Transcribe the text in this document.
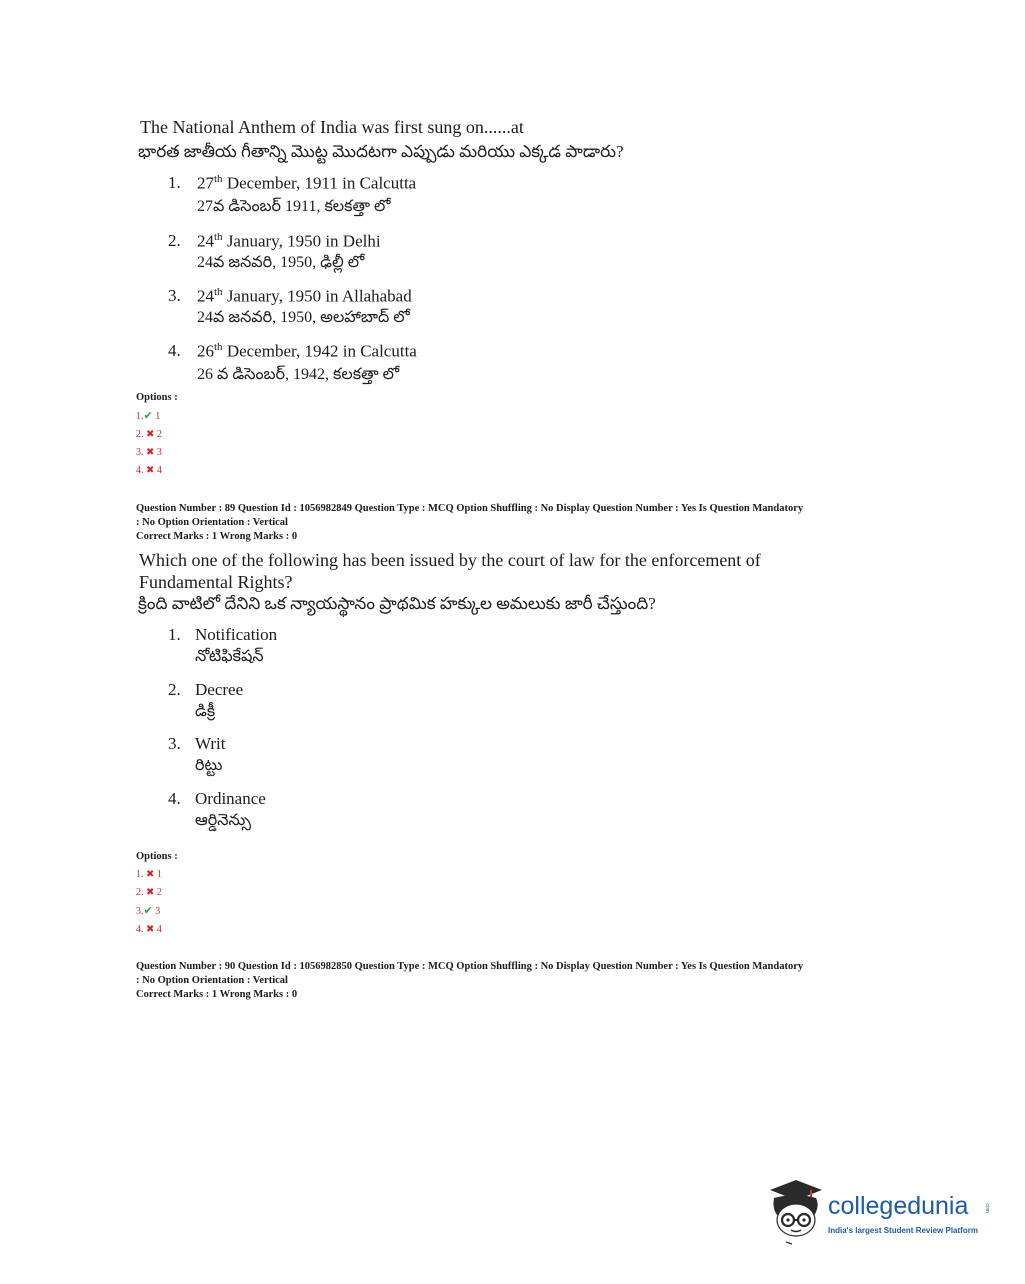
The National Anthem of India was first sung on......at
భారత జాతీయ గీతాన్ని మొట్ట మొదటగా ఎప్పుడు మరియు ఎక్కడ పాడారు?
1. 27th December, 1911 in Calcutta
27వ డిసెంబర్ 1911, కలకత్తా లో
2. 24th January, 1950 in Delhi
24వ జనవరి, 1950, ఢిల్లీ లో
3. 24th January, 1950 in Allahabad
24వ జనవరి, 1950, అలహాబాద్ లో
4. 26th December, 1942 in Calcutta
26 వ డిసెంబర్, 1942, కలకత్తా లో
Options :
1.✔ 1
2. ✖ 2
3. ✖ 3
4. ✖ 4
Question Number : 89 Question Id : 1056982849 Question Type : MCQ Option Shuffling : No Display Question Number : Yes Is Question Mandatory
: No Option Orientation : Vertical
Correct Marks : 1 Wrong Marks : 0
Which one of the following has been issued by the court of law for the enforcement of
Fundamental Rights?
క్రింది వాటిలో దేనిని ఒక న్యాయస్థానం ప్రాథమిక హక్కుల అమలుకు జారీ చేస్తుంది?
1. Notification
నోటిఫికేషన్
2. Decree
డిక్రీ
3. Writ
రిట్టు
4. Ordinance
ఆర్డినెన్సు
Options :
1. ✖ 1
2. ✖ 2
3.✔ 3
4. ✖ 4
Question Number : 90 Question Id : 1056982850 Question Type : MCQ Option Shuffling : No Display Question Number : Yes Is Question Mandatory
: No Option Orientation : Vertical
Correct Marks : 1 Wrong Marks : 0
collegedunia	.com
India's largest Student Review Platform
